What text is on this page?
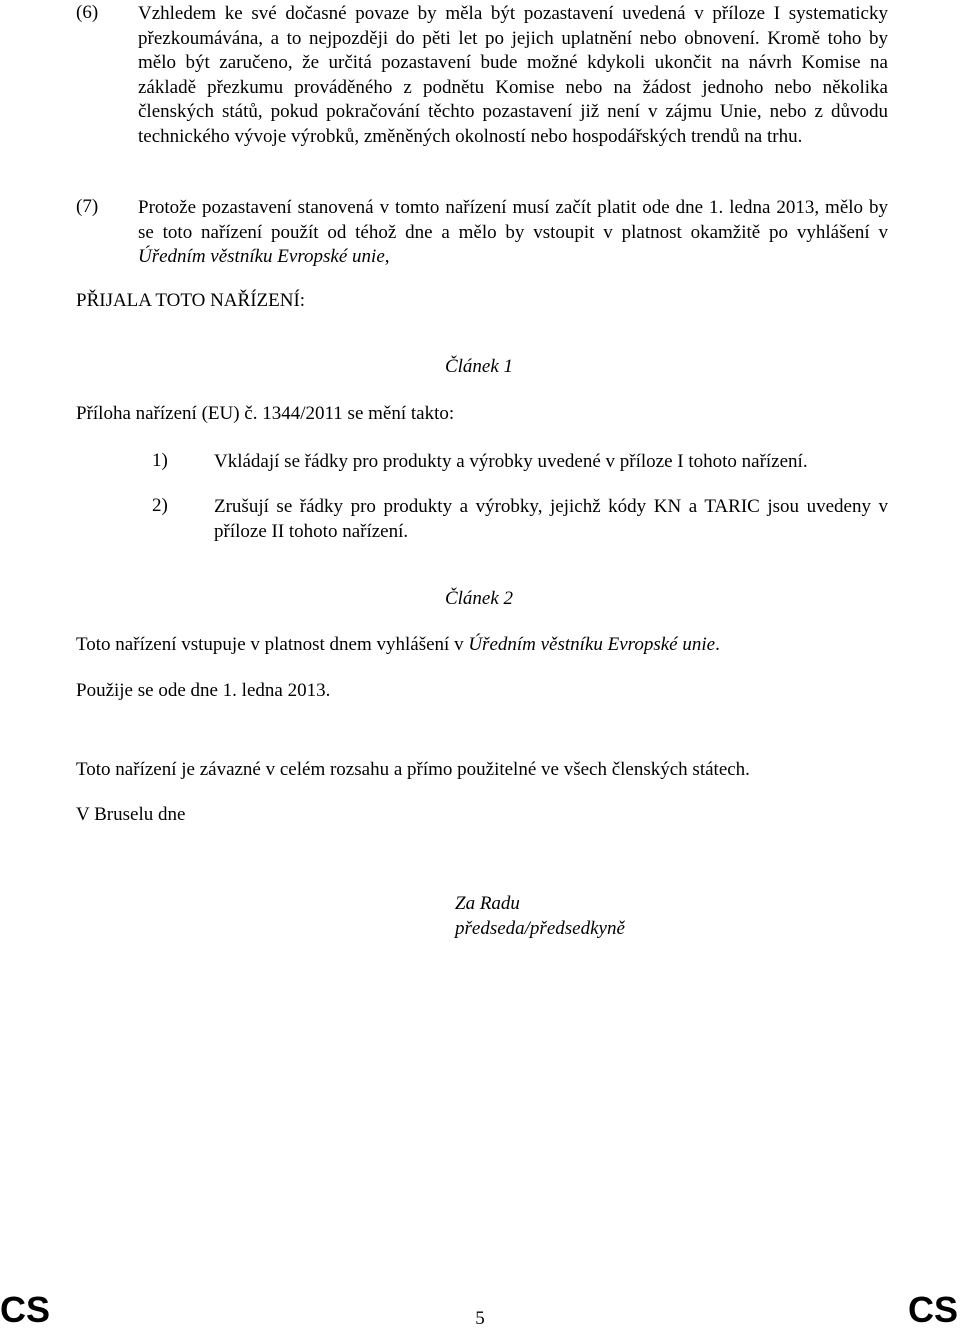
(6)	Vzhledem ke své dočasné povaze by měla být pozastavení uvedená v příloze I systematicky přezkoumávána, a to nejpozději do pěti let po jejich uplatnění nebo obnovení. Kromě toho by mělo být zaručeno, že určitá pozastavení bude možné kdykoli ukončit na návrh Komise na základě přezkumu prováděného z podnětu Komise nebo na žádost jednoho nebo několika členských států, pokud pokračování těchto pozastavení již není v zájmu Unie, nebo z důvodu technického vývoje výrobků, změněných okolností nebo hospodářských trendů na trhu.
(7)	Protože pozastavení stanovená v tomto nařízení musí začít platit ode dne 1. ledna 2013, mělo by se toto nařízení použít od téhož dne a mělo by vstoupit v platnost okamžitě po vyhlášení v Úředním věstníku Evropské unie,
PŘIJALA TOTO NAŘÍZENÍ:
Článek 1
Příloha nařízení (EU) č. 1344/2011 se mění takto:
1) Vkládají se řádky pro produkty a výrobky uvedené v příloze I tohoto nařízení.
2) Zrušují se řádky pro produkty a výrobky, jejichž kódy KN a TARIC jsou uvedeny v příloze II tohoto nařízení.
Článek 2
Toto nařízení vstupuje v platnost dnem vyhlášení v Úředním věstníku Evropské unie.
Použije se ode dne 1. ledna 2013.
Toto nařízení je závazné v celém rozsahu a přímo použitelné ve všech členských státech.
V Bruselu dne
Za Radu
předseda/předsedkyně
CS	5	CS
